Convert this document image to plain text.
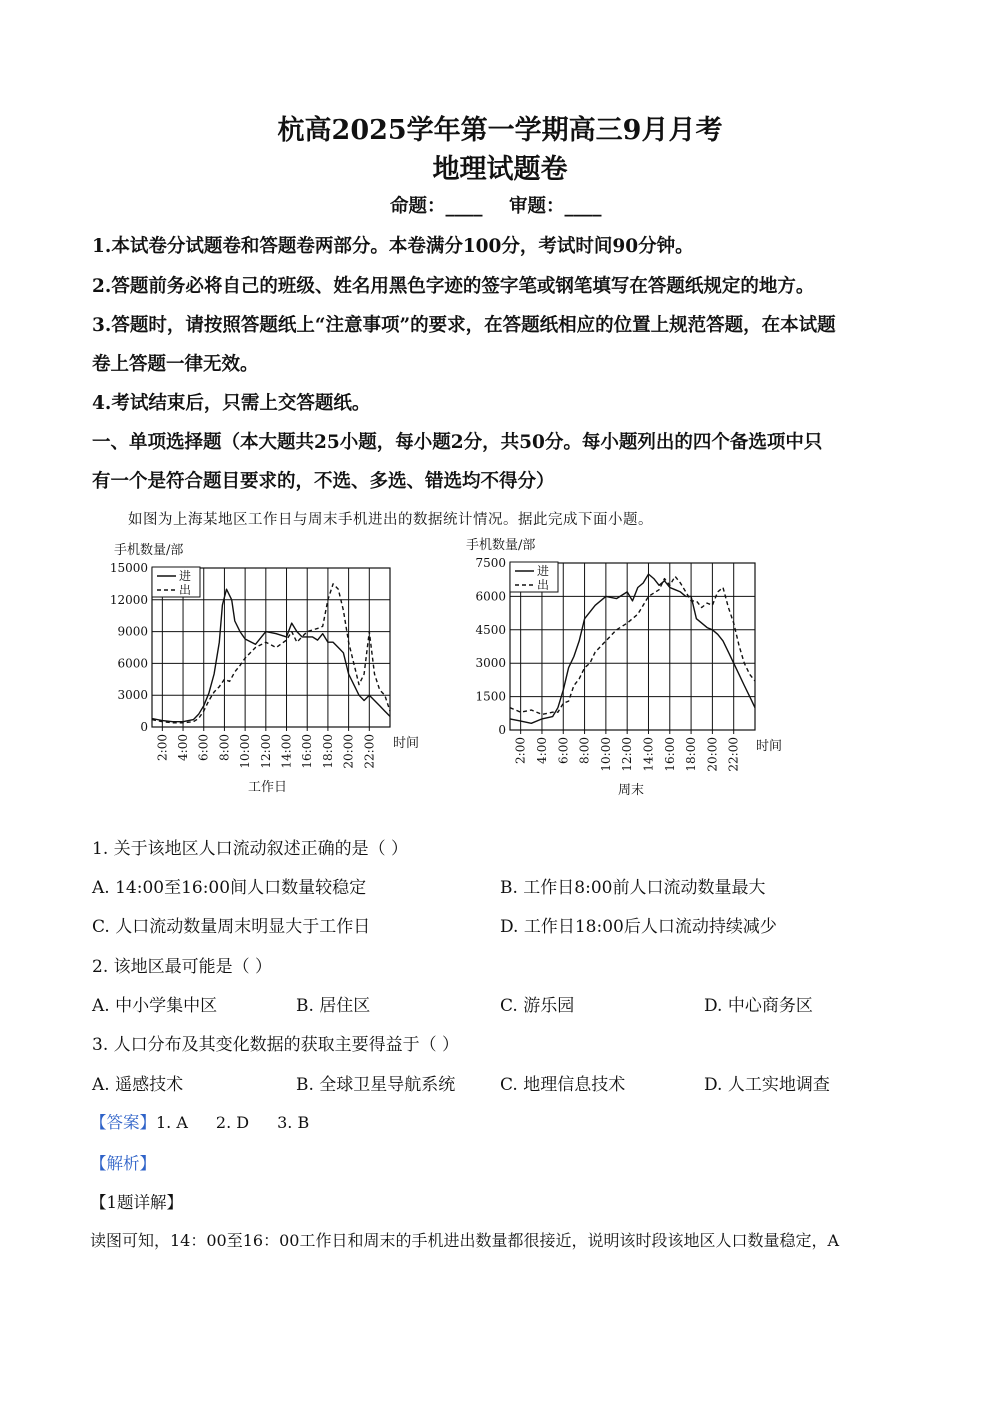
杭高2025学年第一学期高三9月月考
地理试题卷
命题：____ 审题：____
1.本试卷分试题卷和答题卷两部分。本卷满分100分，考试时间90分钟。
2.答题前务必将自己的班级、姓名用黑色字迹的签字笔或钢笔填写在答题纸规定的地方。
3.答题时，请按照答题纸上“注意事项”的要求，在答题纸相应的位置上规范答题，在本试题
卷上答题一律无效。
4.考试结束后，只需上交答题纸。
一、单项选择题（本大题共25小题，每小题2分，共50分。每小题列出的四个备选项中只
有一个是符合题目要求的，不选、多选、错选均不得分）
如图为上海某地区工作日与周末手机进出的数据统计情况。据此完成下面小题。
手机数量/部
0
3000
6000
9000
12000
15000
2:00 4:00 6:00 8:00 10:00 12:00 14:00 16:00 18:00 20:00 22:00 时间
工作日
进
出
手机数量/部
0
1500
3000
4500
6000
7500
2:00 4:00 6:00 8:00 10:00 12:00 14:00 16:00 18:00 20:00 22:00 时间
周末
进
出
1. 关于该地区人口流动叙述正确的是（ ）
A. 14:00至16:00间人口数量较稳定	B. 工作日8:00前人口流动数量最大
C. 人口流动数量周末明显大于工作日	D. 工作日18:00后人口流动持续减少
2. 该地区最可能是（ ）
A. 中小学集中区	B. 居住区	C. 游乐园	D. 中心商务区
3. 人口分布及其变化数据的获取主要得益于（ ）
A. 遥感技术	B. 全球卫星导航系统	C. 地理信息技术	D. 人工实地调查
【答案】1. A 2. D 3. B
【解析】
【1题详解】
读图可知，14：00至16：00工作日和周末的手机进出数量都很接近，说明该时段该地区人口数量稳定，A
